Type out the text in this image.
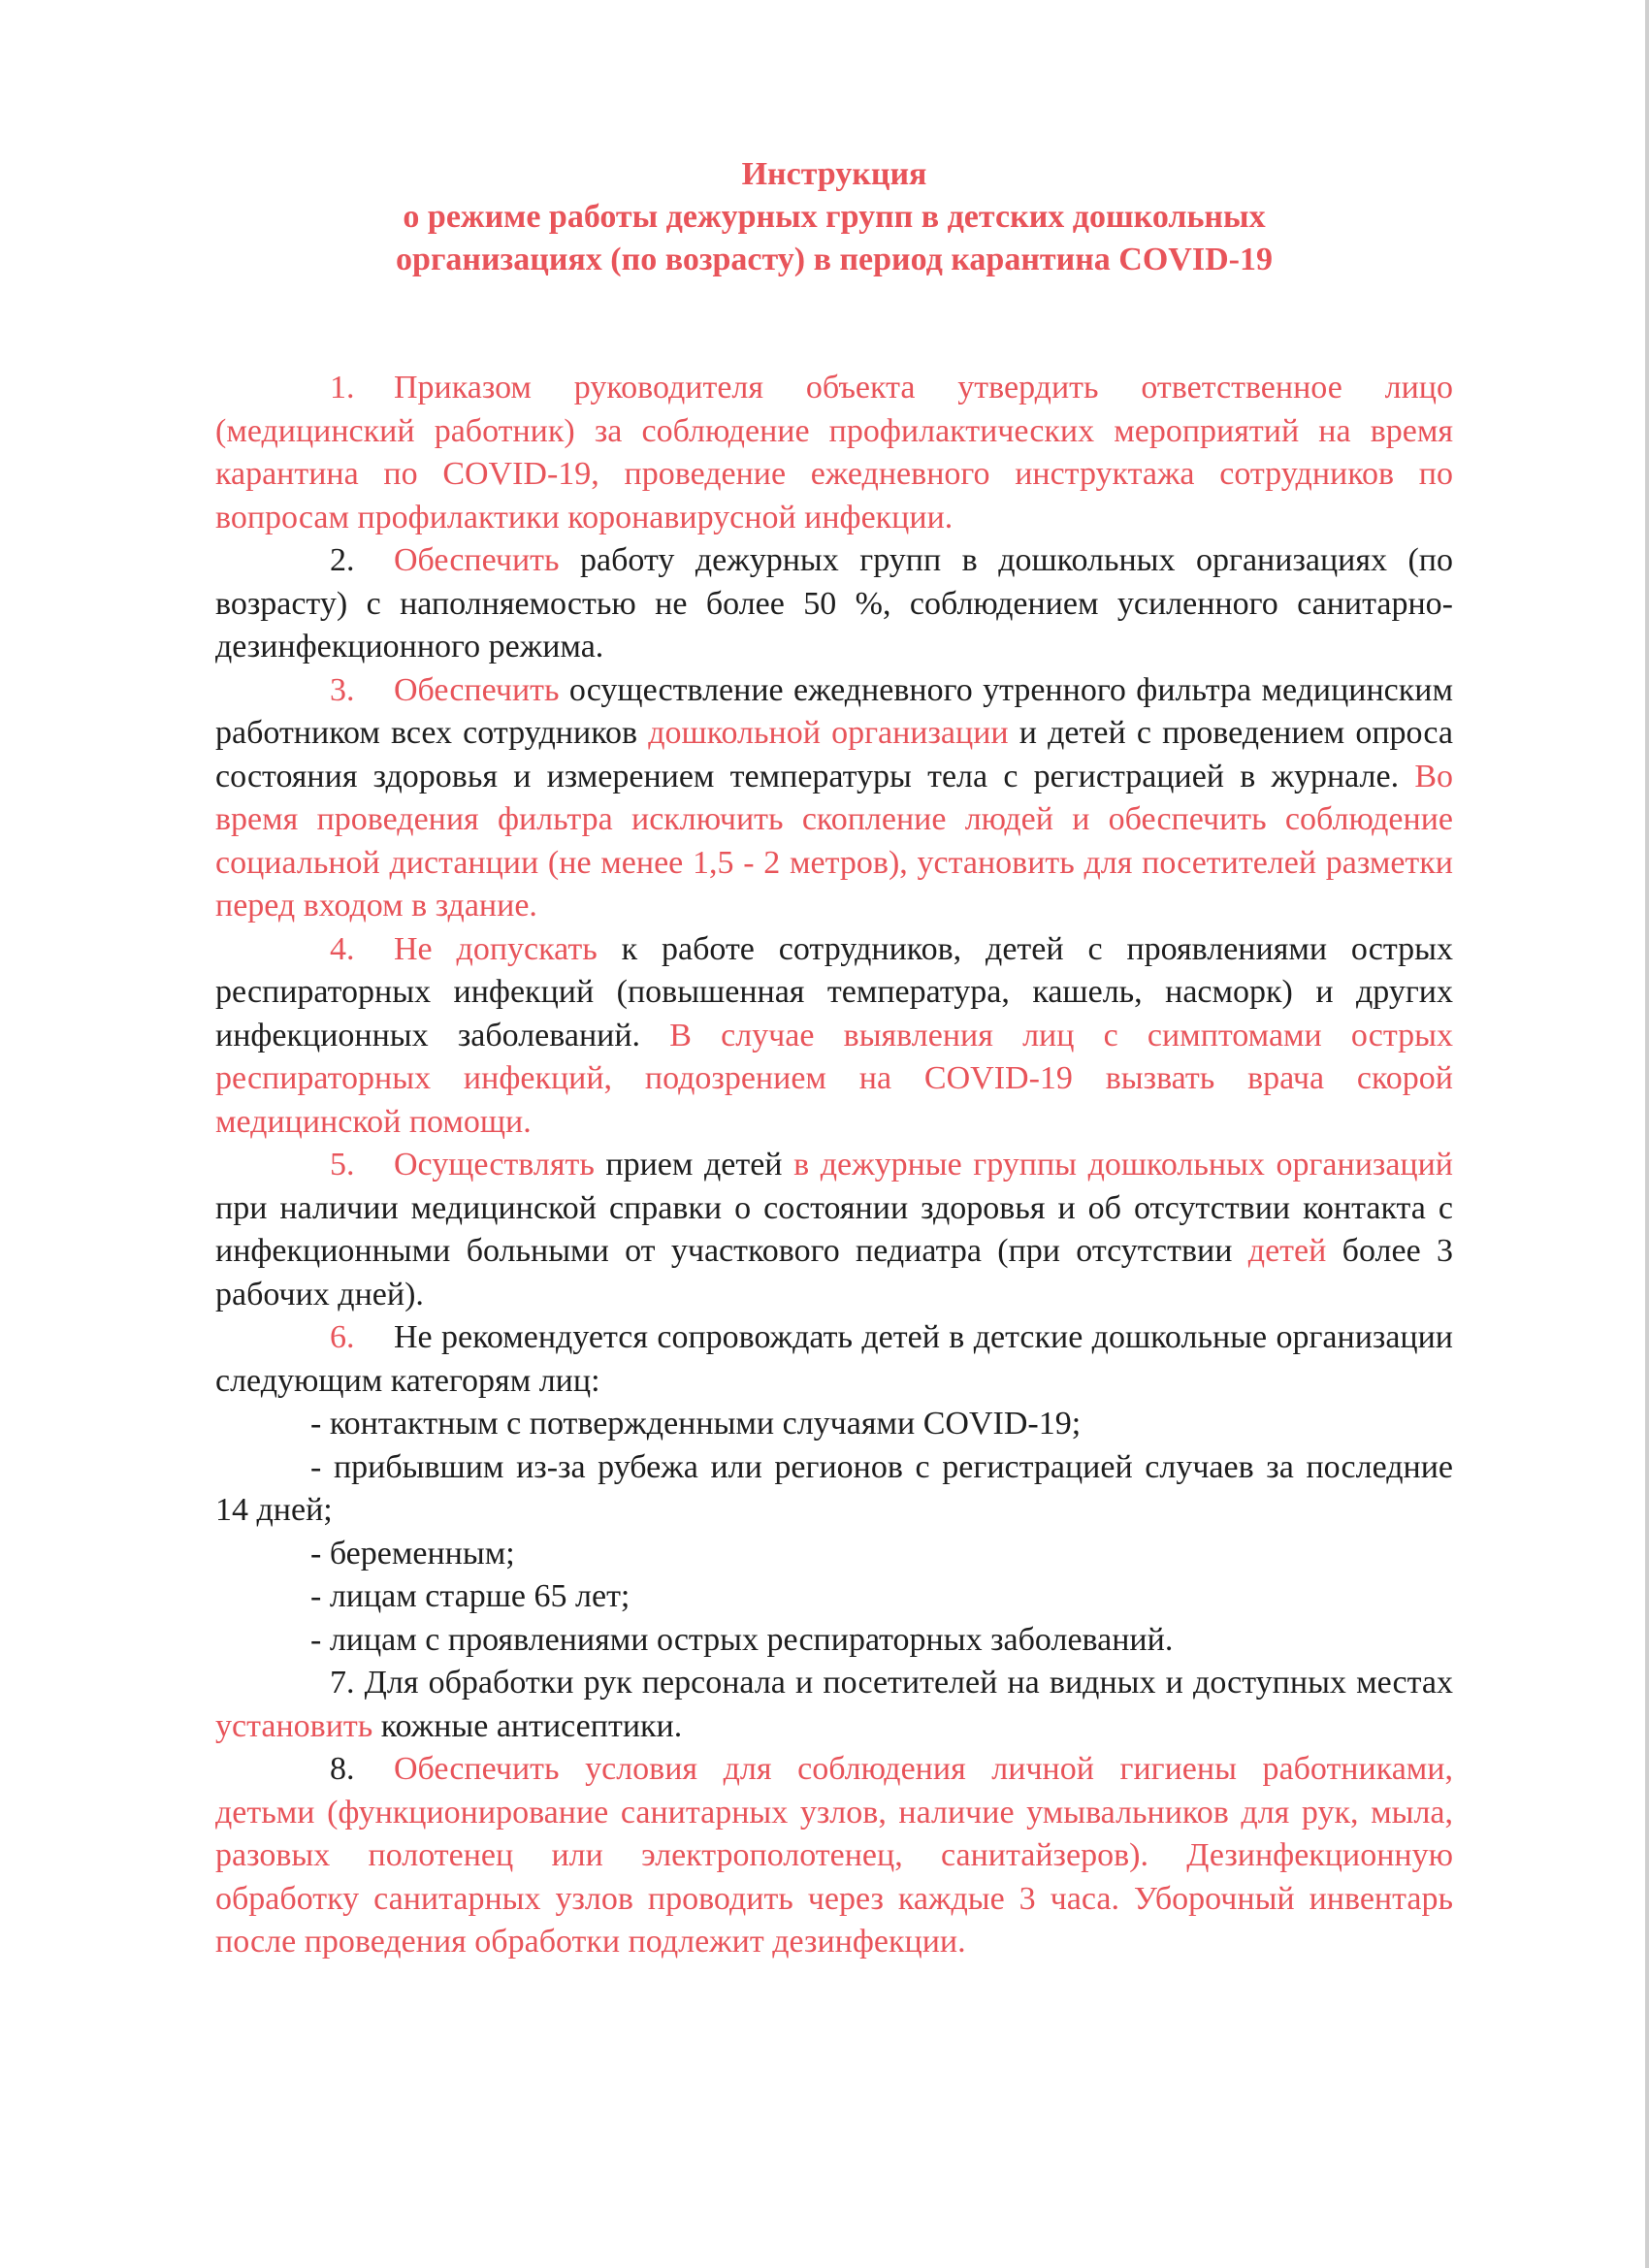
Инструкция
о режиме работы дежурных групп в детских дошкольных
организациях (по возрасту) в период карантина COVID-19

1. Приказом руководителя объекта утвердить ответственное лицо (медицинский работник) за соблюдение профилактических мероприятий на время карантина по COVID-19, проведение ежедневного инструктажа сотрудников по вопросам профилактики коронавирусной инфекции.

2. Обеспечить работу дежурных групп в дошкольных организациях (по возрасту) с наполняемостью не более 50 %, соблюдением усиленного санитарно-дезинфекционного режима.

3. Обеспечить осуществление ежедневного утренного фильтра медицинским работником всех сотрудников дошкольной организации и детей с проведением опроса состояния здоровья и измерением температуры тела с регистрацией в журнале. Во время проведения фильтра исключить скопление людей и обеспечить соблюдение социальной дистанции (не менее 1,5 - 2 метров), установить для посетителей разметки перед входом в здание.

4. Не допускать к работе сотрудников, детей с проявлениями острых респираторных инфекций (повышенная температура, кашель, насморк) и других инфекционных заболеваний. В случае выявления лиц с симптомами острых респираторных инфекций, подозрением на COVID-19 вызвать врача скорой медицинской помощи.

5. Осуществлять прием детей в дежурные группы дошкольных организаций при наличии медицинской справки о состоянии здоровья и об отсутствии контакта с инфекционными больными от участкового педиатра (при отсутствии детей более 3 рабочих дней).

6. Не рекомендуется сопровождать детей в детские дошкольные организации следующим категорям лиц:

- контактным с потвержденными случаями COVID-19;

- прибывшим из-за рубежа или регионов с регистрацией случаев за последние 14 дней;

- беременным;

- лицам старше 65 лет;

- лицам с проявлениями острых респираторных заболеваний.

7. Для обработки рук персонала и посетителей на видных и доступных местах установить кожные антисептики.

8. Обеспечить условия для соблюдения личной гигиены работниками, детьми (функционирование санитарных узлов, наличие умывальников для рук, мыла, разовых полотенец или электрополотенец, санитайзеров). Дезинфекционную обработку санитарных узлов проводить через каждые 3 часа. Уборочный инвентарь после проведения обработки подлежит дезинфекции.
